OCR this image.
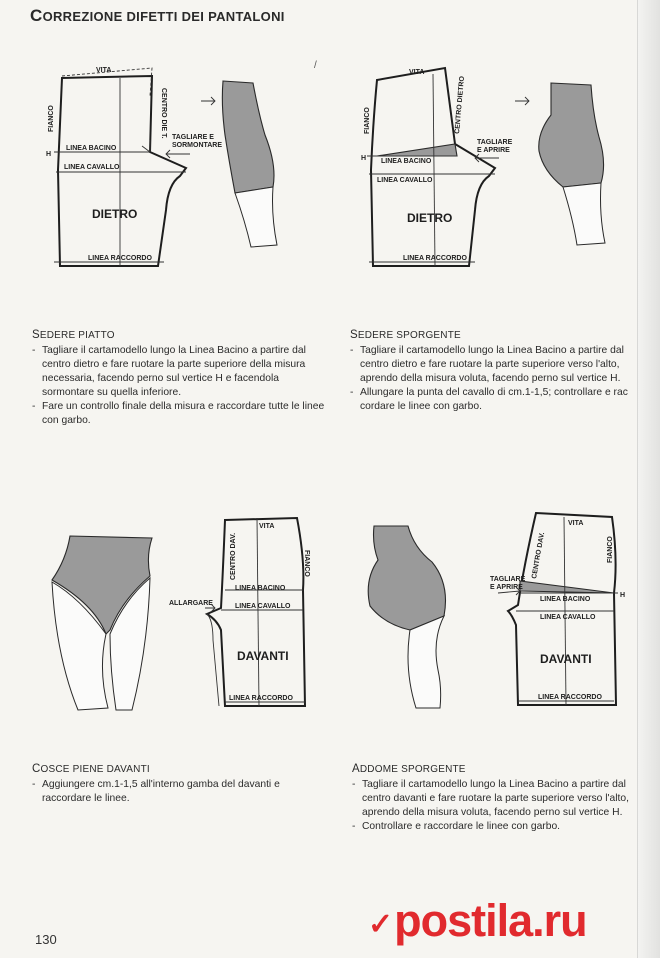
CORREZIONE DIFETTI DEI PANTALONI
/
VITA
FIANCO	CENTRO DIE T.
H
LINEA BACINO
LINEA CAVALLO
LINEA RACCORDO
DIETRO
TAGLIARE E
SORMONTARE
VITA
FIANCO	CENTRO DIETRO
H LINEA BACINO
LINEA CAVALLO
LINEA RACCORDO
DIETRO
TAGLIARE
E APRIRE
SEDERE PIATTO
- Tagliare il cartamodello lungo la Linea Bacino a partire dal centro dietro e fare ruotare la parte superiore della misura necessaria, facendo perno sul vertice H e facendola sormontare su quella inferiore.
- Fare un controllo finale della misura e raccordare tutte le linee con garbo.
SEDERE SPORGENTE
- Tagliare il cartamodello lungo la Linea Bacino a partire dal centro dietro e fare ruotare la parte superiore verso l'alto, aprendo della misura voluta, facendo perno sul vertice H.
- Allungare la punta del cavallo di cm.1-1,5; controllare e rac cordare le linee con garbo.
VITA
CENTRO DAV.	FIANCO
LINEA BACINO
LINEA CAVALLO
LINEA RACCORDO
DAVANTI
ALLARGARE
VITA
CENTRO DAV.	FIANCO
H
LINEA BACINO
LINEA CAVALLO
LINEA RACCORDO
DAVANTI
TAGLIARE
E APRIRE
COSCE PIENE DAVANTI
- Aggiungere cm.1-1,5 all'interno gamba del davanti e raccordare le linee.
ADDOME SPORGENTE
- Tagliare il cartamodello lungo la Linea Bacino a partire dal centro davanti e fare ruotare la parte superiore verso l'alto, aprendo della misura voluta, facendo perno sul vertice H.
- Controllare e raccordare le linee con garbo.
130	✓postila.ru
